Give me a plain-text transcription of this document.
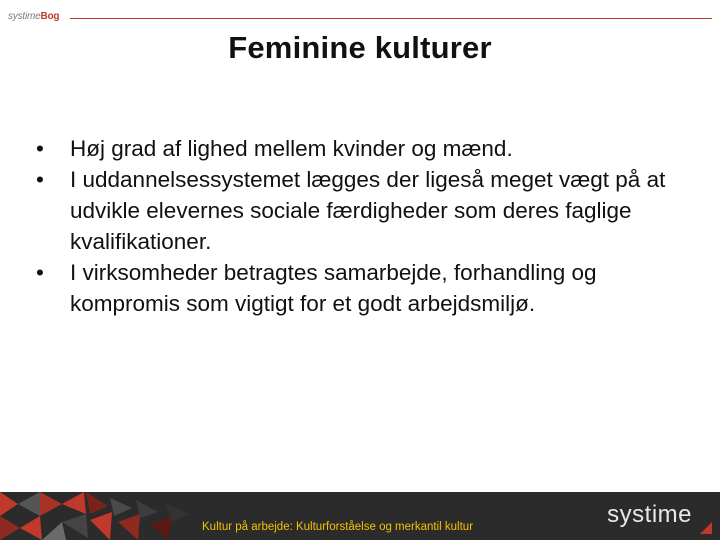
systimeBog
Feminine kulturer
• Høj grad af lighed mellem kvinder og mænd.
• I uddannelsessystemet lægges der ligeså meget vægt på at udvikle elevernes sociale færdigheder som deres faglige kvalifikationer.
• I virksomheder betragtes samarbejde, forhandling og kompromis som vigtigt for et godt arbejdsmiljø.
Kultur på arbejde: Kulturforståelse og merkantil kultur	systime
